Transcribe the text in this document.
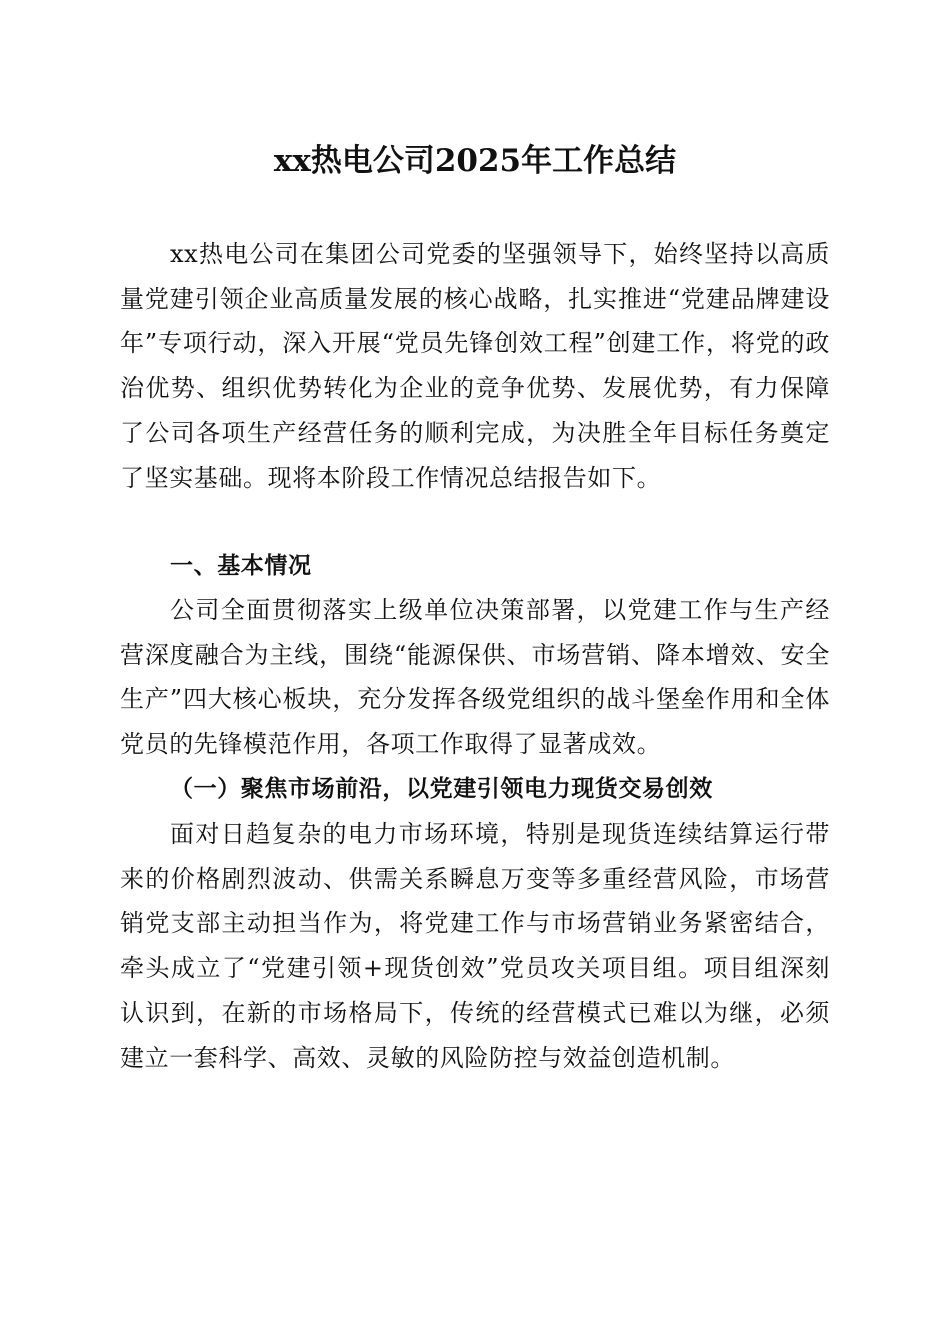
xx热电公司2025年工作总结

xx热电公司在集团公司党委的坚强领导下，始终坚持以高质量党建引领企业高质量发展的核心战略，扎实推进“党建品牌建设年”专项行动，深入开展“党员先锋创效工程”创建工作，将党的政治优势、组织优势转化为企业的竞争优势、发展优势，有力保障了公司各项生产经营任务的顺利完成，为决胜全年目标任务奠定了坚实基础。现将本阶段工作情况总结报告如下。

一、基本情况

公司全面贯彻落实上级单位决策部署，以党建工作与生产经营深度融合为主线，围绕“能源保供、市场营销、降本增效、安全生产”四大核心板块，充分发挥各级党组织的战斗堡垒作用和全体党员的先锋模范作用，各项工作取得了显著成效。

（一）聚焦市场前沿，以党建引领电力现货交易创效

面对日趋复杂的电力市场环境，特别是现货连续结算运行带来的价格剧烈波动、供需关系瞬息万变等多重经营风险，市场营销党支部主动担当作为，将党建工作与市场营销业务紧密结合，牵头成立了“党建引领+现货创效”党员攻关项目组。项目组深刻认识到，在新的市场格局下，传统的经营模式已难以为继，必须建立一套科学、高效、灵敏的风险防控与效益创造机制。
